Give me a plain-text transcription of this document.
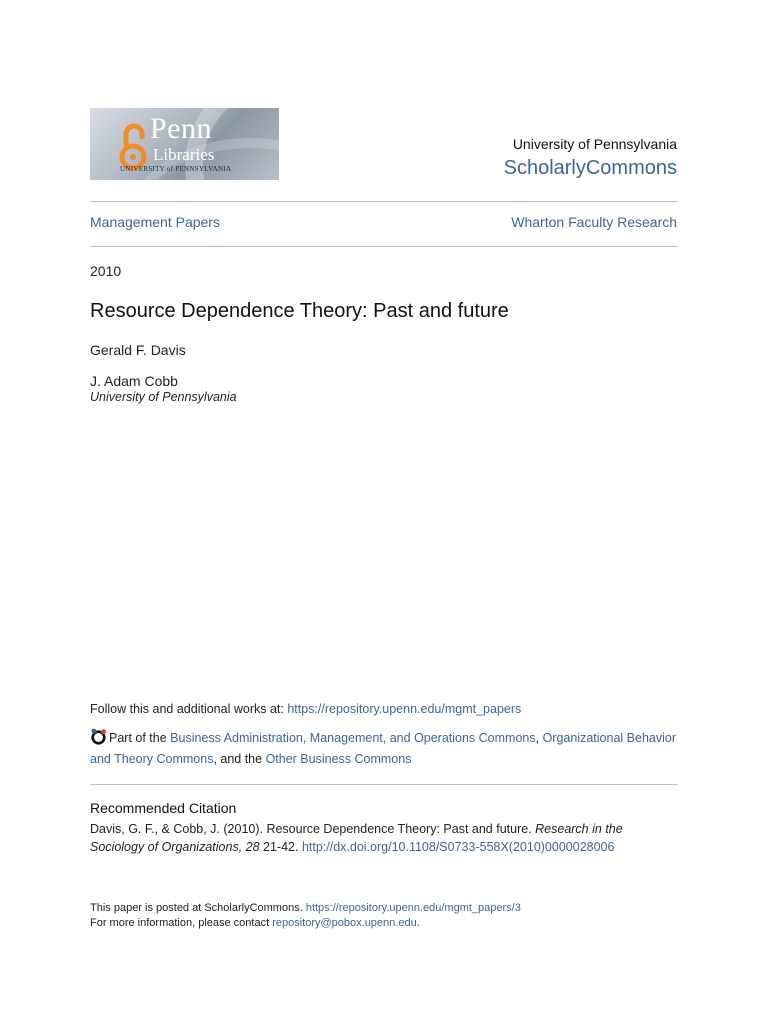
Penn
Libraries
UNIVERSITY of PENNSYLVANIA
University of Pennsylvania
ScholarlyCommons
Management Papers	Wharton Faculty Research
2010
Resource Dependence Theory: Past and future
Gerald F. Davis
J. Adam Cobb
University of Pennsylvania
Follow this and additional works at: https://repository.upenn.edu/mgmt_papers
Part of the Business Administration, Management, and Operations Commons, Organizational Behavior and Theory Commons, and the Other Business Commons
Recommended Citation
Davis, G. F., & Cobb, J. (2010). Resource Dependence Theory: Past and future. Research in the Sociology of Organizations, 28 21-42. http://dx.doi.org/10.1108/S0733-558X(2010)0000028006
This paper is posted at ScholarlyCommons. https://repository.upenn.edu/mgmt_papers/3
For more information, please contact repository@pobox.upenn.edu.
